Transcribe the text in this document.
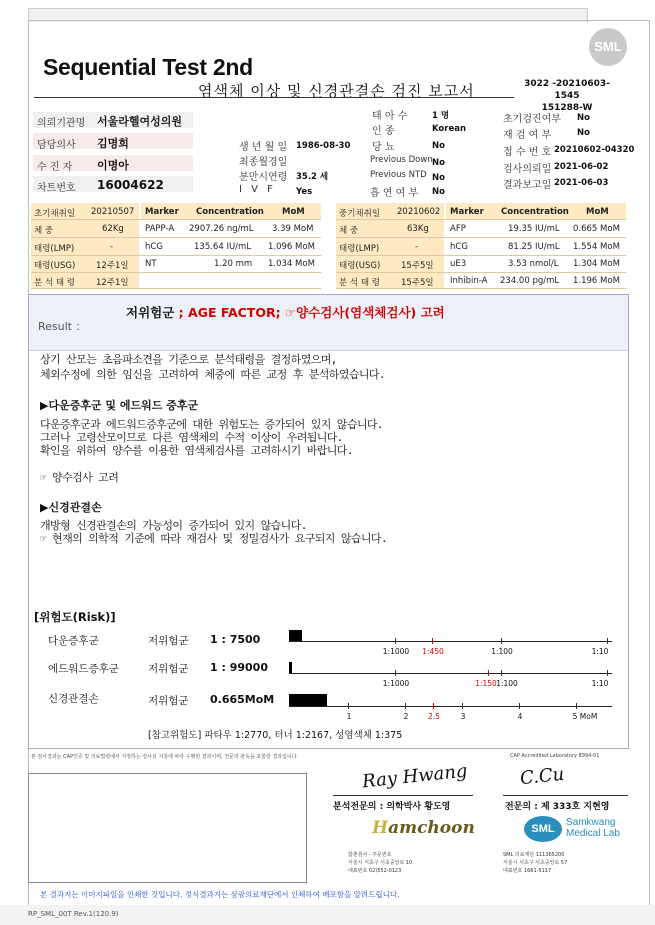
SML
Sequential Test 2nd
염색체 이상 및 신경관결손 검진 보고서	3022 -20210603-1545
151288-W
의뢰기관명 서울라헬여성의원
담당의사 김명희
수 진 자 이명아
차트번호 16004622
생 년 월 일 1986-08-30
최종월경일
분만시연령 35.2 세
I V F	Yes
태 아 수	1 명
인 종	Korean
당 뇨	No
Previous Down No
Previous NTD No
흡 연 여 부 No
초기검진여부 No
재 검 여 부	No
접 수 번 호 20210602-04320
검사의뢰일 2021-06-02
결과보고일 2021-06-03
초기채취일 20210507
체 중	62Kg
태령(LMP)	-
태령(USG) 12주1일
분 석 태 령 12주1일
Marker Concentration MoM
PAPP-A 2907.26 ng/mL 3.39 MoM
hCG	135.64 IU/mL 1.096 MoM
NT	1.20 mm 1.034 MoM
중기채취일 20210602
체 중	63Kg
태령(LMP)	-
태령(USG) 15주5일
분 석 태 령 15주5일
Marker Concentration MoM
AFP	19.35 IU/mL 0.665 MoM
hCG	81.25 IU/mL 1.554 MoM
uE3	3.53 nmol/L 1.304 MoM
Inhibin-A 234.00 pg/mL 1.196 MoM
Result ：
저위험군 ; AGE FACTOR; ☞양수검사(염색체검사) 고려
상기 산모는 초음파소견을 기준으로 분석태령을 결정하였으며,
체외수정에 의한 임신을 고려하여 체중에 따른 교정 후 분석하였습니다.
▶다운증후군 및 에드워드 증후군
다운증후군과 에드워드증후군에 대한 위험도는 증가되어 있지 않습니다.
그러나 고령산모이므로 다른 염색체의 수적 이상이 우려됩니다.
확인을 위하여 양수를 이용한 염색체검사를 고려하시기 바랍니다.
☞ 양수검사 고려
▶신경관결손
개방형 신경관결손의 가능성이 증가되어 있지 않습니다.
☞ 현재의 의학적 기준에 따라 재검사 및 정밀검사가 요구되지 않습니다.
[위험도(Risk)]
다운증후군	저위험군 1 : 7500
1:1000 1:450	1:100	1:10
에드워드증후군	저위험군 1 : 99000
1:1000	1:150 1:100	1:10
신경관결손	저위험군 0.665MoM
1	2	2.5	3	4	5 MoM
[참고위험도] 파타우 1:2770, 터너 1:2167, 성염색체 1:375
본 검사결과는 CAP인증 및 의료법령에서 지정하는 검사실 지침에 따라 수행된 결과이며, 전문의 판독을 포함한 결과입니다.	CAP Accredited Laboratory 8994-01
Ray Hwang	C.Cu
분석전문의 : 의학박사 황도영	전문의 : 제 333호 지현영
Hamchoon
함춘검사 · 주문번호
서울시 서초구 서초중앙로 10
대표번호 02)552-0123
SML
Samkwang
Medical Lab
SML 의료재단 111365200
서울시 서초구 서초중앙로 57
대표번호 1661-5117
본 결과지는 이미지파일을 인쇄한 것입니다. 정식결과지는 삼광의료재단에서 인쇄하여 배포함을 알려드립니다.
RP_SML_00T Rev.1(120.9)
